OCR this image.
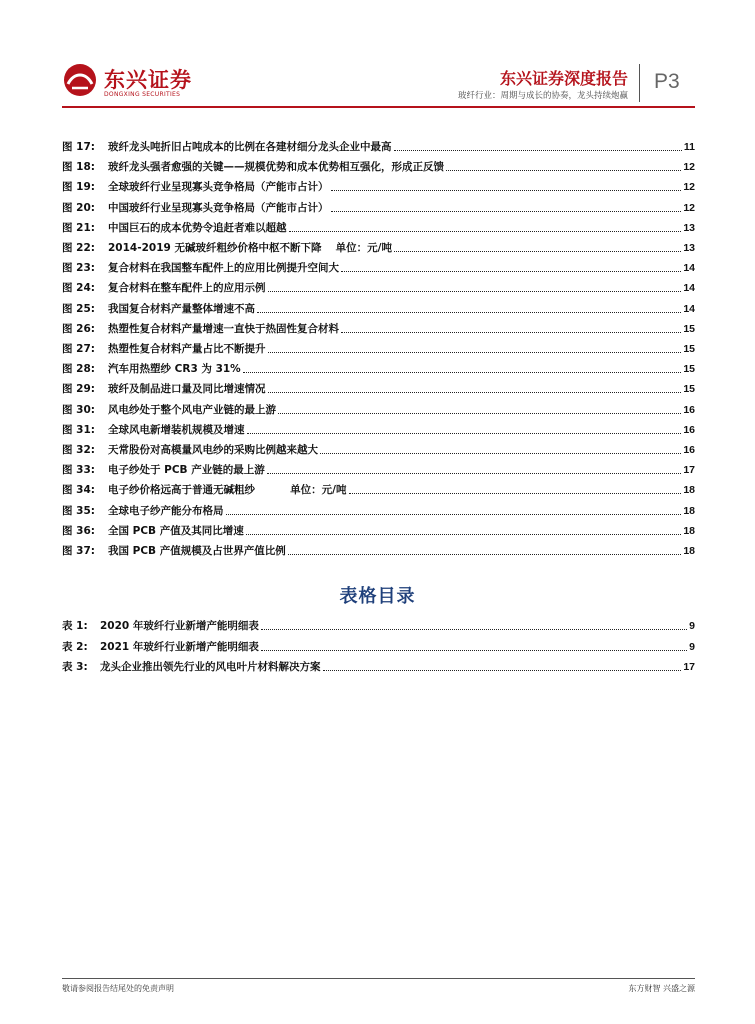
东兴证券
DONGXING SECURITIES
东兴证券深度报告
玻纤行业：周期与成长的协奏，龙头持续炮赢
P3
图 17:	玻纤龙头吨折旧占吨成本的比例在各建材细分龙头企业中最高	11
图 18:	玻纤龙头强者愈强的关键——规模优势和成本优势相互强化，形成正反馈	12
图 19:	全球玻纤行业呈现寡头竞争格局（产能市占计）	12
图 20:	中国玻纤行业呈现寡头竞争格局（产能市占计）	12
图 21:	中国巨石的成本优势令追赶者难以超越	13
图 22:	2014-2019 无碱玻纤粗纱价格中枢不断下降　 单位：元/吨	13
图 23:	复合材料在我国整车配件上的应用比例提升空间大	14
图 24:	复合材料在整车配件上的应用示例	14
图 25:	我国复合材料产量整体增速不高	14
图 26:	热塑性复合材料产量增速一直快于热固性复合材料	15
图 27:	热塑性复合材料产量占比不断提升	15
图 28:	汽车用热塑纱 CR3 为 31%	15
图 29:	玻纤及制品进口量及同比增速情况	15
图 30:	风电纱处于整个风电产业链的最上游	16
图 31:	全球风电新增装机规模及增速	16
图 32:	天常股份对高模量风电纱的采购比例越来越大	16
图 33:	电子纱处于 PCB 产业链的最上游	17
图 34:	电子纱价格远高于普通无碱粗纱　　　 单位：元/吨	18
图 35:	全球电子纱产能分布格局	18
图 36:	全国 PCB 产值及其同比增速	18
图 37:	我国 PCB 产值规模及占世界产值比例	18
表格目录
表 1:	2020 年玻纤行业新增产能明细表	9
表 2:	2021 年玻纤行业新增产能明细表	9
表 3:	龙头企业推出领先行业的风电叶片材料解决方案	17
敬请参阅报告结尾处的免责声明	东方财智 兴盛之源
